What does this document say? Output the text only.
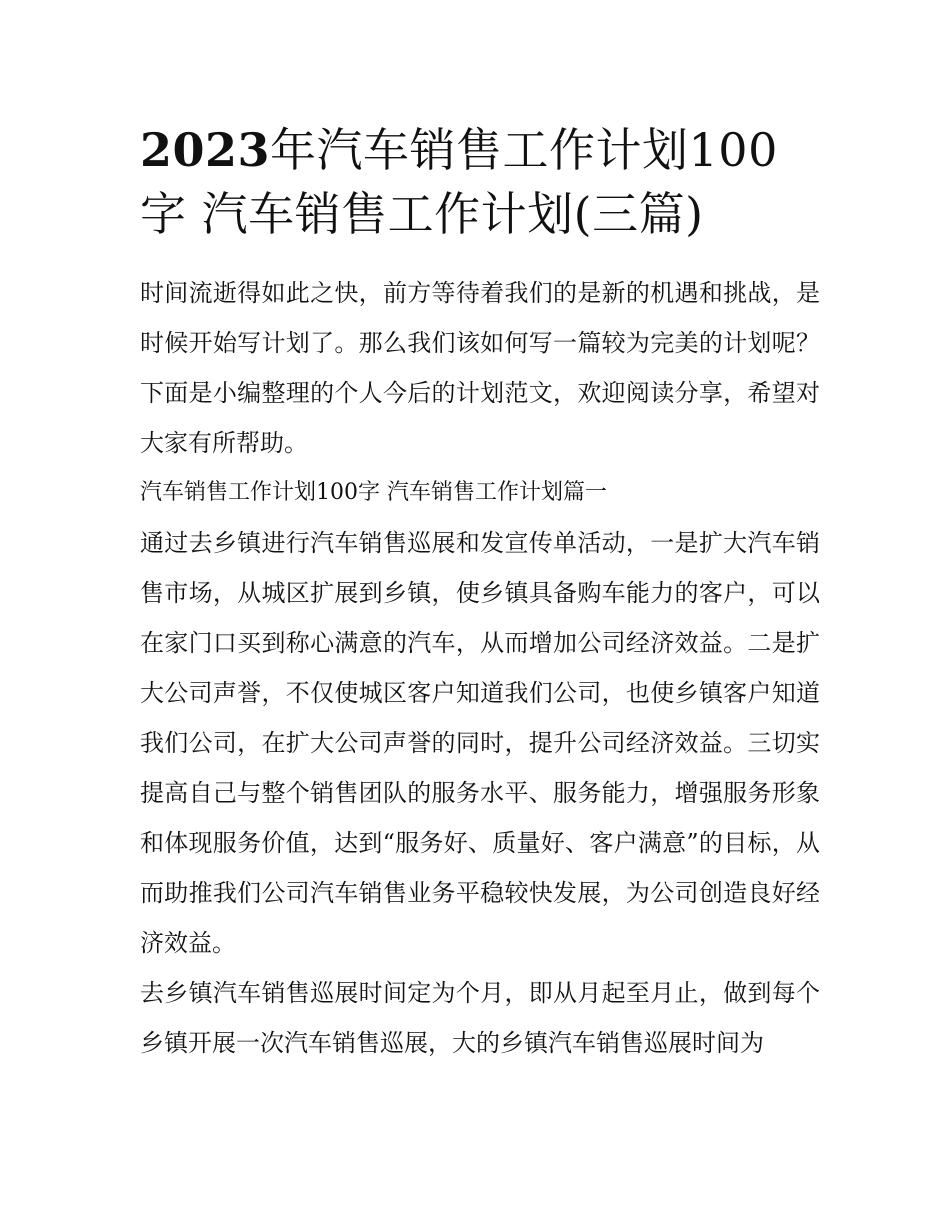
2023年汽车销售工作计划100字 汽车销售工作计划(三篇)

时间流逝得如此之快，前方等待着我们的是新的机遇和挑战，是时候开始写计划了。那么我们该如何写一篇较为完美的计划呢？下面是小编整理的个人今后的计划范文，欢迎阅读分享，希望对大家有所帮助。

汽车销售工作计划100字 汽车销售工作计划篇一

通过去乡镇进行汽车销售巡展和发宣传单活动，一是扩大汽车销售市场，从城区扩展到乡镇，使乡镇具备购车能力的客户，可以在家门口买到称心满意的汽车，从而增加公司经济效益。二是扩大公司声誉，不仅使城区客户知道我们公司，也使乡镇客户知道我们公司，在扩大公司声誉的同时，提升公司经济效益。三切实提高自己与整个销售团队的服务水平、服务能力，增强服务形象和体现服务价值，达到“服务好、质量好、客户满意”的目标，从而助推我们公司汽车销售业务平稳较快发展，为公司创造良好经济效益。

去乡镇汽车销售巡展时间定为个月，即从月起至月止，做到每个乡镇开展一次汽车销售巡展，大的乡镇汽车销售巡展时间为
